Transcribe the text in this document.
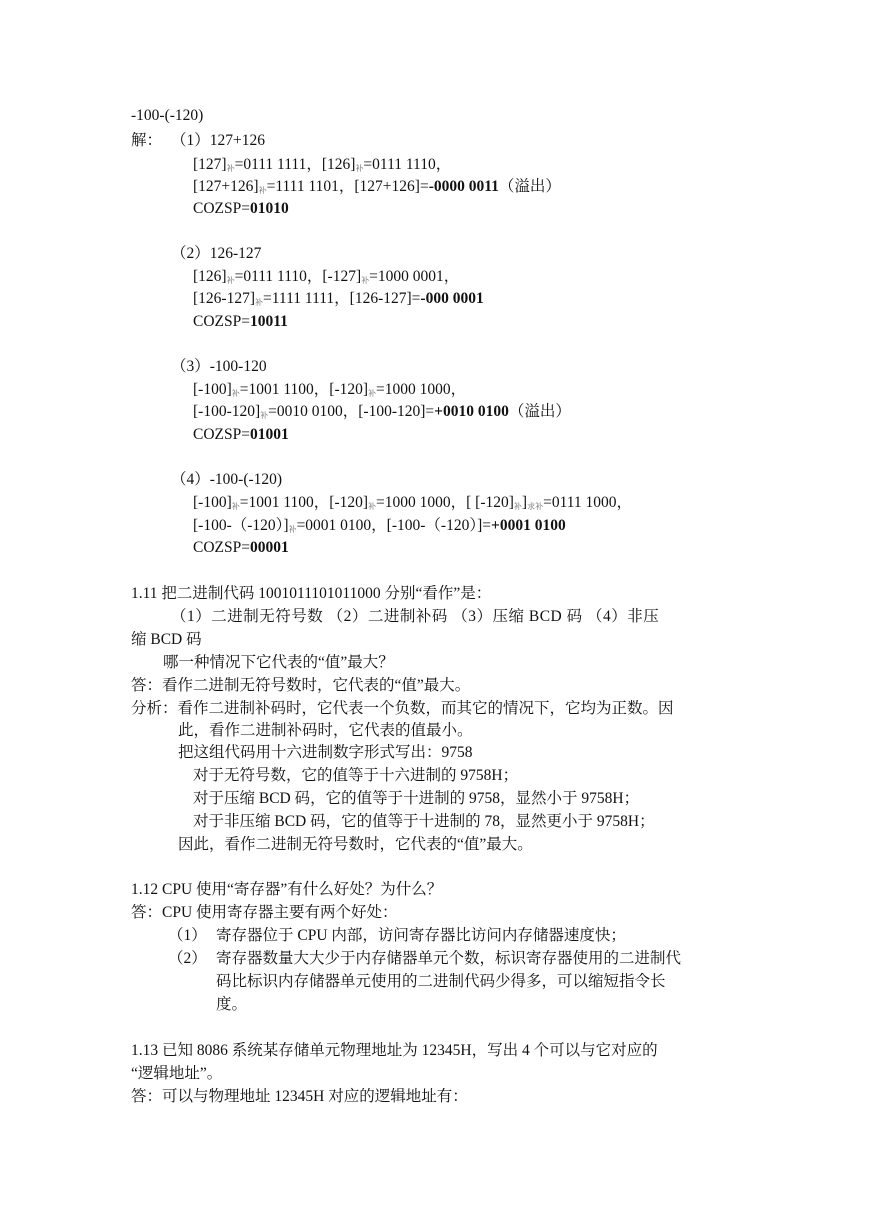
-100-(-120)
解： （1）127+126
$[127]_补=0111$ 1111，$[126]_补=0111$ 1110，
$[127+126]_补=1111$ 1101，[127+126]=-0000 0011（溢出）
COZSP=01010
（2）126-127
$[126]_补=0111$ 1110，$[-127]_补=1000$ 0001，
$[126-127]_补=1111$ 1111，[126-127]=-000 0001
COZSP=10011
（3）-100-120
$[-100]_补=1001$ 1100，$[-120]_补=1000$ 1000，
$[-100-120]_补=0010$ 0100，[-100-120]=+0010 0100（溢出）
COZSP=01001
（4）-100-(-120)
$[-100]_补=1001$ 1100，$[-120]_补=1000$ 1000，[ $[-120]_补]_{求补}=0111$ 1000，
$[-100-(-120)]_补=0001$ 0100，[-100-（-120）]=+0001 0100
COZSP=00001
1.11 把二进制代码 1001011101011000 分别“看作”是：
（1）二进制无符号数 （2）二进制补码 （3）压缩 BCD 码 （4）非压
缩 BCD 码
哪一种情况下它代表的“值”最大？
答：看作二进制无符号数时，它代表的“值”最大。
分析：看作二进制补码时，它代表一个负数，而其它的情况下，它均为正数。因
此，看作二进制补码时，它代表的值最小。
把这组代码用十六进制数字形式写出：9758
对于无符号数，它的值等于十六进制的 9758H；
对于压缩 BCD 码，它的值等于十进制的 9758，显然小于 9758H；
对于非压缩 BCD 码，它的值等于十进制的 78，显然更小于 9758H；
因此，看作二进制无符号数时，它代表的“值”最大。
1.12 CPU 使用“寄存器”有什么好处？为什么？
答：CPU 使用寄存器主要有两个好处：
（1） 寄存器位于 CPU 内部，访问寄存器比访问内存储器速度快；
（2） 寄存器数量大大少于内存储器单元个数，标识寄存器使用的二进制代
码比标识内存储器单元使用的二进制代码少得多，可以缩短指令长
度。
1.13 已知 8086 系统某存储单元物理地址为 12345H，写出 4 个可以与它对应的
“逻辑地址”。
答：可以与物理地址 12345H 对应的逻辑地址有：
